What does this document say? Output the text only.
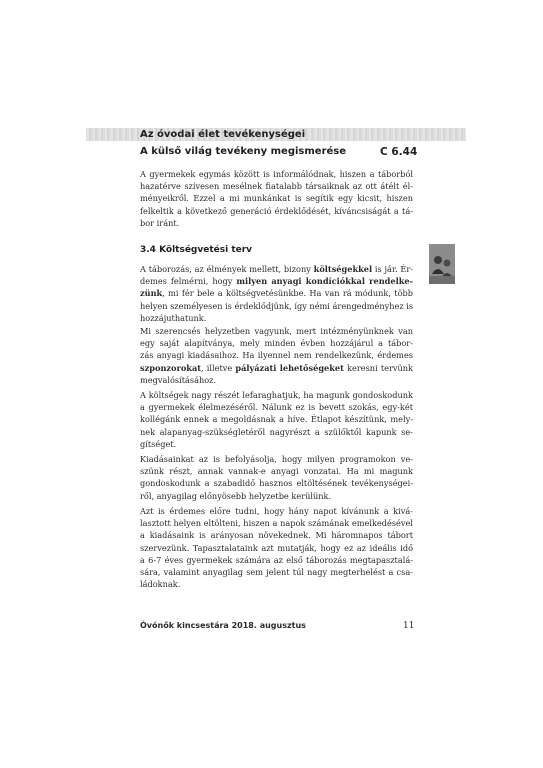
Az óvodai élet tevékenységei
A külső világ tevékeny megismerése	C 6.44
A gyermekek egymás között is informálódnak, hiszen a táborból
hazatérve szívesen mesélnek fiatalabb társaiknak az ott átélt él-
ményeikről. Ezzel a mi munkánkat is segítik egy kicsit, hiszen
felkeltik a következő generáció érdeklődését, kíváncsiságát a tá-
bor iránt.
3.4 Költségvetési terv
A táborozás, az élmények mellett, bizony költségekkel is jár. Ér-
demes felmérni, hogy milyen anyagi kondíciókkal rendelke-
zünk, mi fér bele a költségvetésünkbe. Ha van rá módunk, több
helyen személyesen is érdeklődjünk, így némi árengedményhez is
hozzájuthatunk.
Mi szerencsés helyzetben vagyunk, mert intézményünknek van
egy saját alapítványa, mely minden évben hozzájárul a tábor-
zás anyagi kiadásaihoz. Ha ilyennel nem rendelkezünk, érdemes
szponzorokat, illetve pályázati lehetőségeket keresni tervünk
megvalósításához.
A költségek nagy részét lefaraghatjuk, ha magunk gondoskodunk
a gyermekek élelmezéséről. Nálunk ez is bevett szokás, egy-két
kollégánk ennek a megoldásnak a híve. Étlapot készítünk, mely-
nek alapanyag-szükségletéről nagyrészt a szülőktől kapunk se-
gítséget.
Kiadásainkat az is befolyásolja, hogy milyen programokon ve-
szünk részt, annak vannak-e anyagi vonzatai. Ha mi magunk
gondoskodunk a szabadidő hasznos eltöltésének tevékenységei-
ről, anyagilag előnyösebb helyzetbe kerülünk.
Azt is érdemes előre tudni, hogy hány napot kívánunk a kivá-
lasztott helyen eltölteni, hiszen a napok számának emelkedésével
a kiadásaink is arányosan növekednek. Mi háromnapos tábort
szervezünk. Tapasztalataink azt mutatják, hogy ez az ideális idő
a 6-7 éves gyermekek számára az első táborozás megtapasztalá-
sára, valamint anyagilag sem jelent túl nagy megterhelést a csa-
ládoknak.
Óvónők kincsestára 2018. augusztus	11
